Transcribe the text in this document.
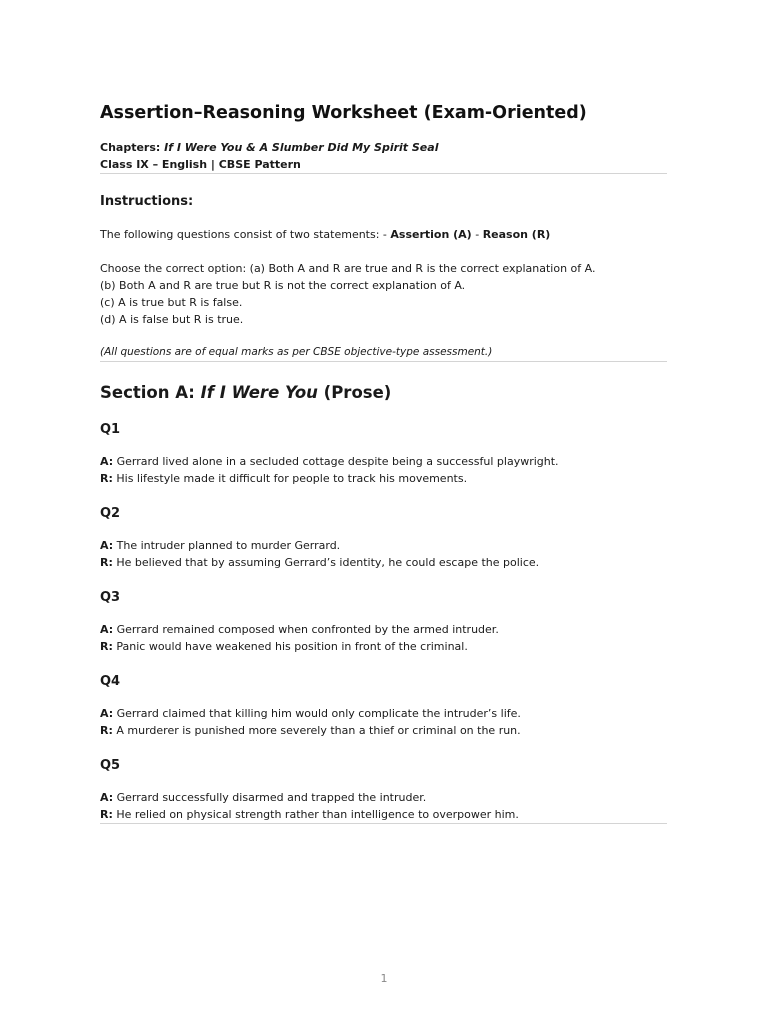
Assertion–Reasoning Worksheet (Exam-Oriented)
Chapters: If I Were You & A Slumber Did My Spirit Seal
Class IX – English | CBSE Pattern
Instructions:
The following questions consist of two statements: - Assertion (A) - Reason (R)
Choose the correct option: (a) Both A and R are true and R is the correct explanation of A.
(b) Both A and R are true but R is not the correct explanation of A.
(c) A is true but R is false.
(d) A is false but R is true.
(All questions are of equal marks as per CBSE objective-type assessment.)
Section A: If I Were You (Prose)
Q1
A: Gerrard lived alone in a secluded cottage despite being a successful playwright.
R: His lifestyle made it difficult for people to track his movements.
Q2
A: The intruder planned to murder Gerrard.
R: He believed that by assuming Gerrard’s identity, he could escape the police.
Q3
A: Gerrard remained composed when confronted by the armed intruder.
R: Panic would have weakened his position in front of the criminal.
Q4
A: Gerrard claimed that killing him would only complicate the intruder’s life.
R: A murderer is punished more severely than a thief or criminal on the run.
Q5
A: Gerrard successfully disarmed and trapped the intruder.
R: He relied on physical strength rather than intelligence to overpower him.
1
